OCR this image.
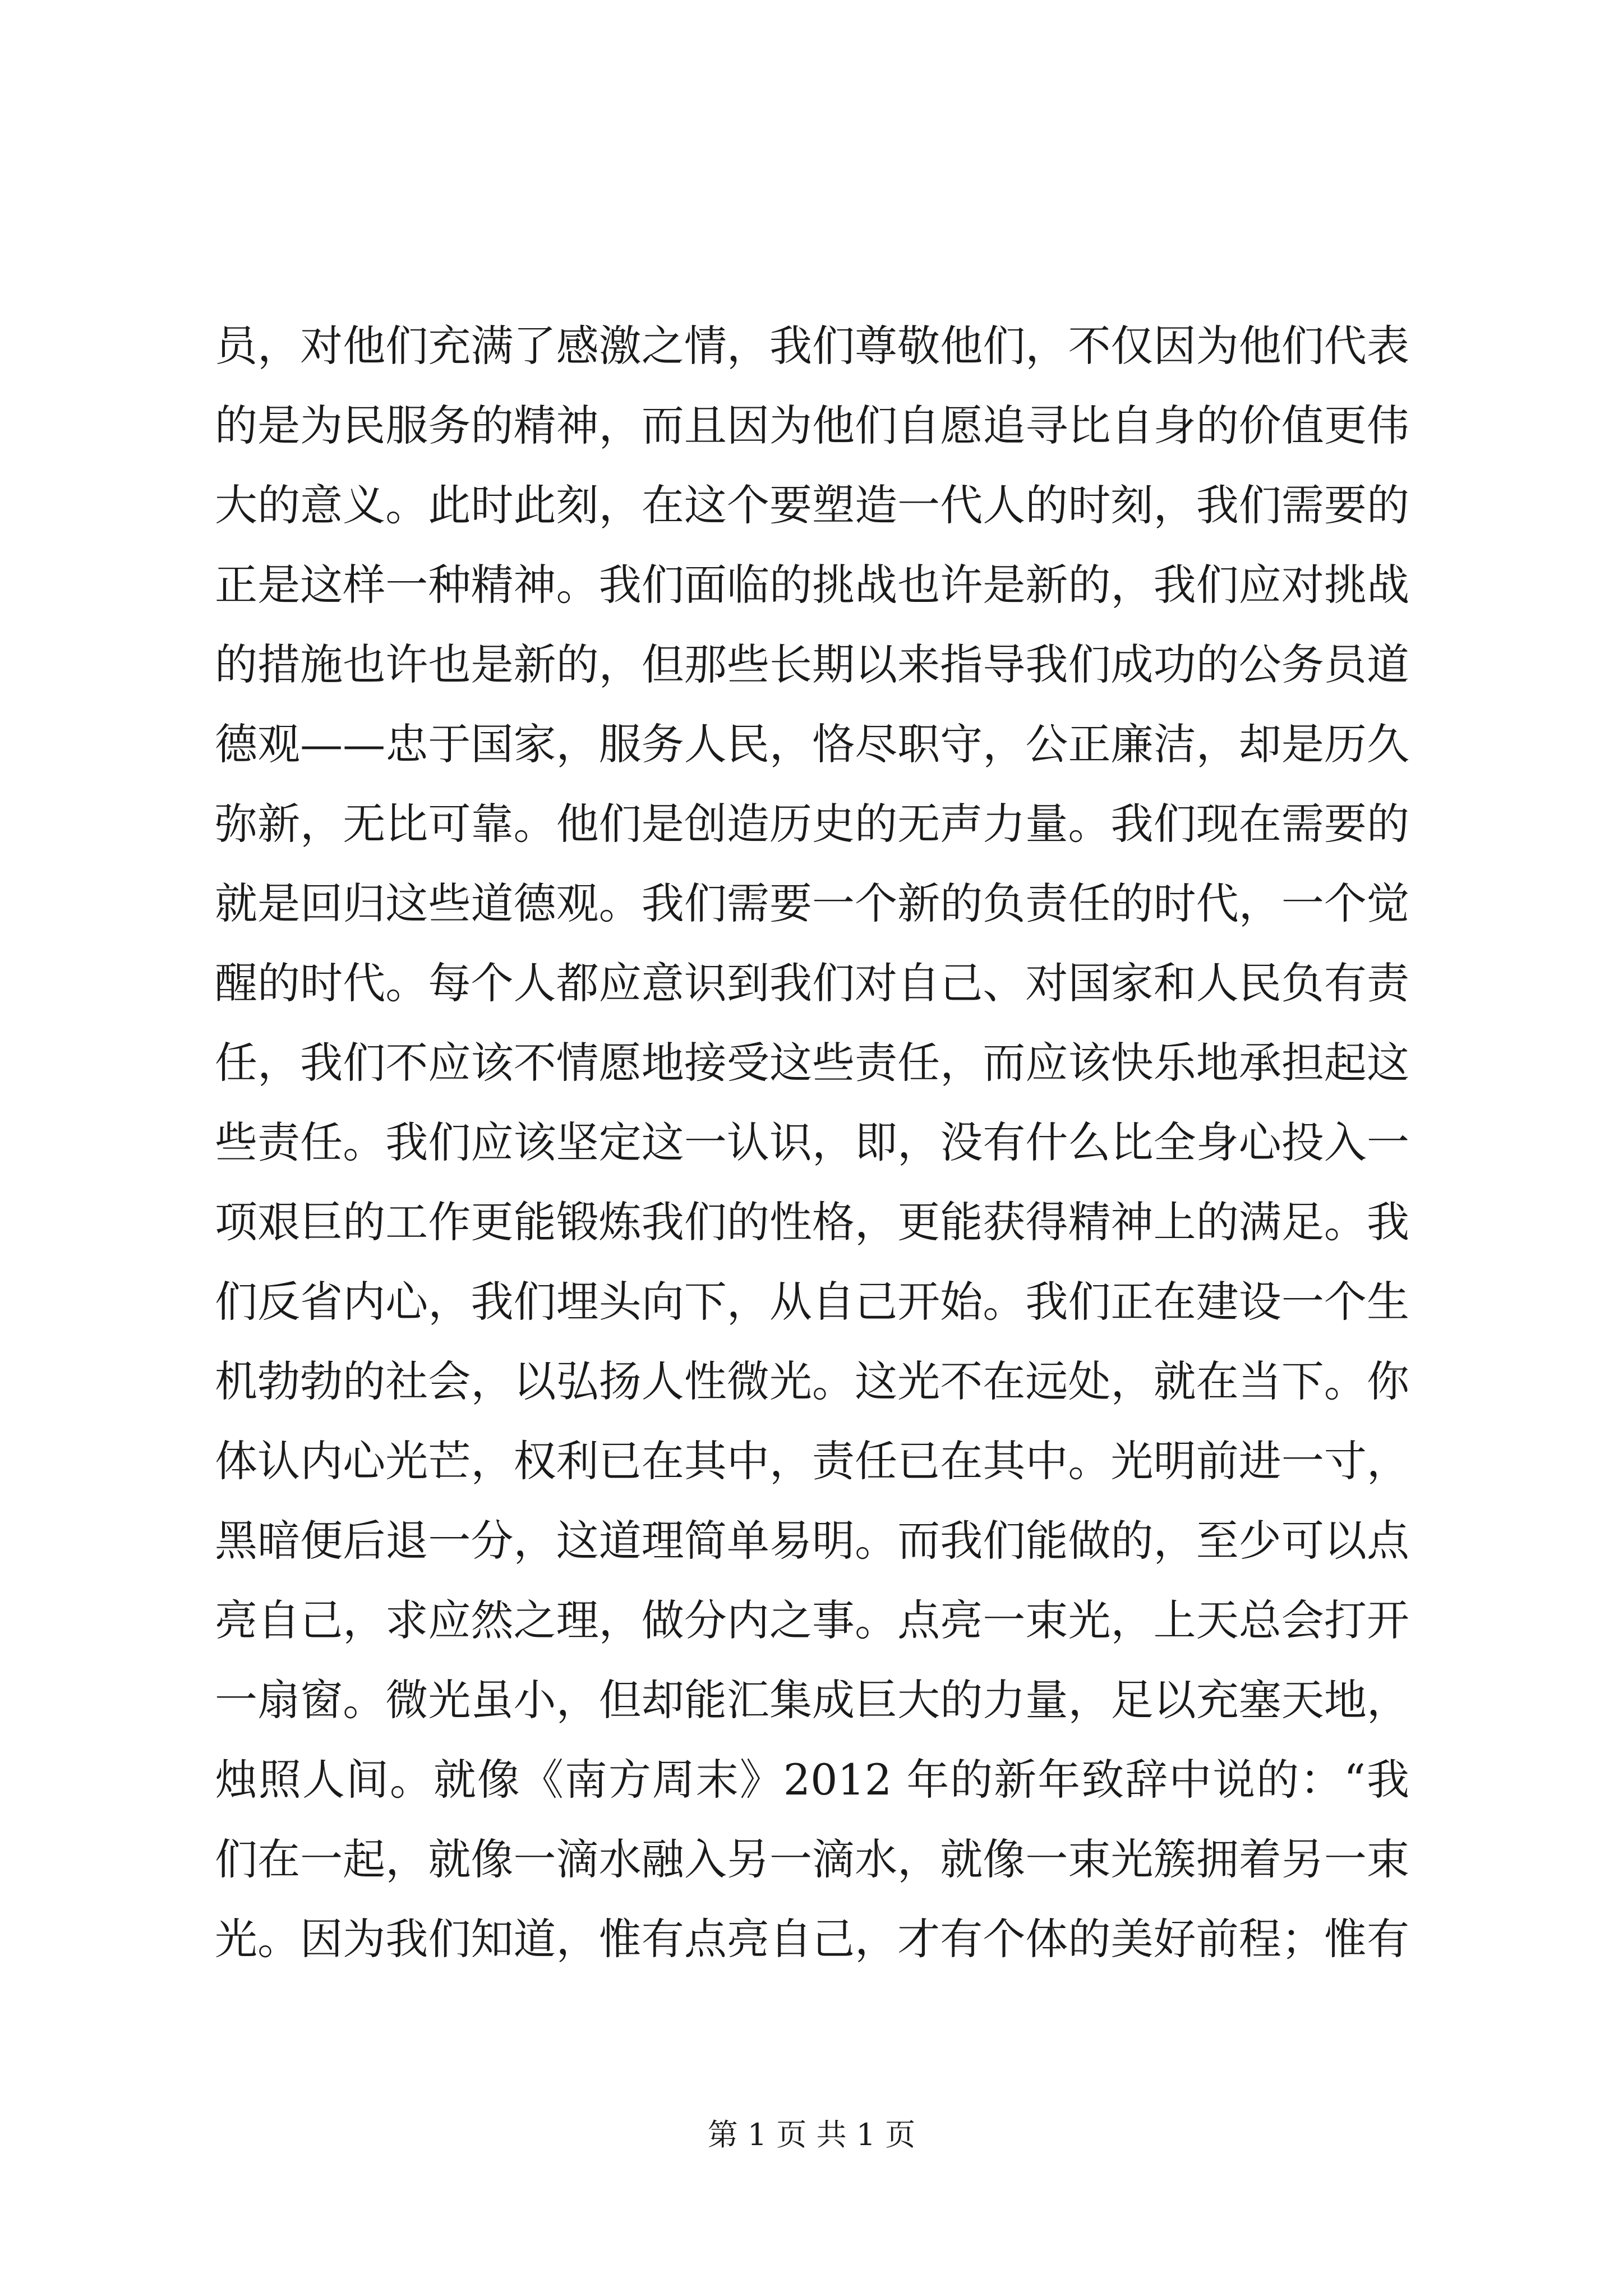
员，对他们充满了感激之情，我们尊敬他们，不仅因为他们代表
的是为民服务的精神，而且因为他们自愿追寻比自身的价值更伟
大的意义。此时此刻，在这个要塑造一代人的时刻，我们需要的
正是这样一种精神。我们面临的挑战也许是新的，我们应对挑战
的措施也许也是新的，但那些长期以来指导我们成功的公务员道
德观——忠于国家，服务人民，恪尽职守，公正廉洁，却是历久
弥新，无比可靠。他们是创造历史的无声力量。我们现在需要的
就是回归这些道德观。我们需要一个新的负责任的时代，一个觉
醒的时代。每个人都应意识到我们对自己、对国家和人民负有责
任，我们不应该不情愿地接受这些责任，而应该快乐地承担起这
些责任。我们应该坚定这一认识，即，没有什么比全身心投入一
项艰巨的工作更能锻炼我们的性格，更能获得精神上的满足。我
们反省内心，我们埋头向下，从自己开始。我们正在建设一个生
机勃勃的社会，以弘扬人性微光。这光不在远处，就在当下。你
体认内心光芒，权利已在其中，责任已在其中。光明前进一寸，
黑暗便后退一分，这道理简单易明。而我们能做的，至少可以点
亮自己，求应然之理，做分内之事。点亮一束光，上天总会打开
一扇窗。微光虽小，但却能汇集成巨大的力量，足以充塞天地，
烛照人间。就像《南方周末》2012 年的新年致辞中说的：“我
们在一起，就像一滴水融入另一滴水，就像一束光簇拥着另一束
光。因为我们知道，惟有点亮自己，才有个体的美好前程；惟有
第 1 页 共 1 页
